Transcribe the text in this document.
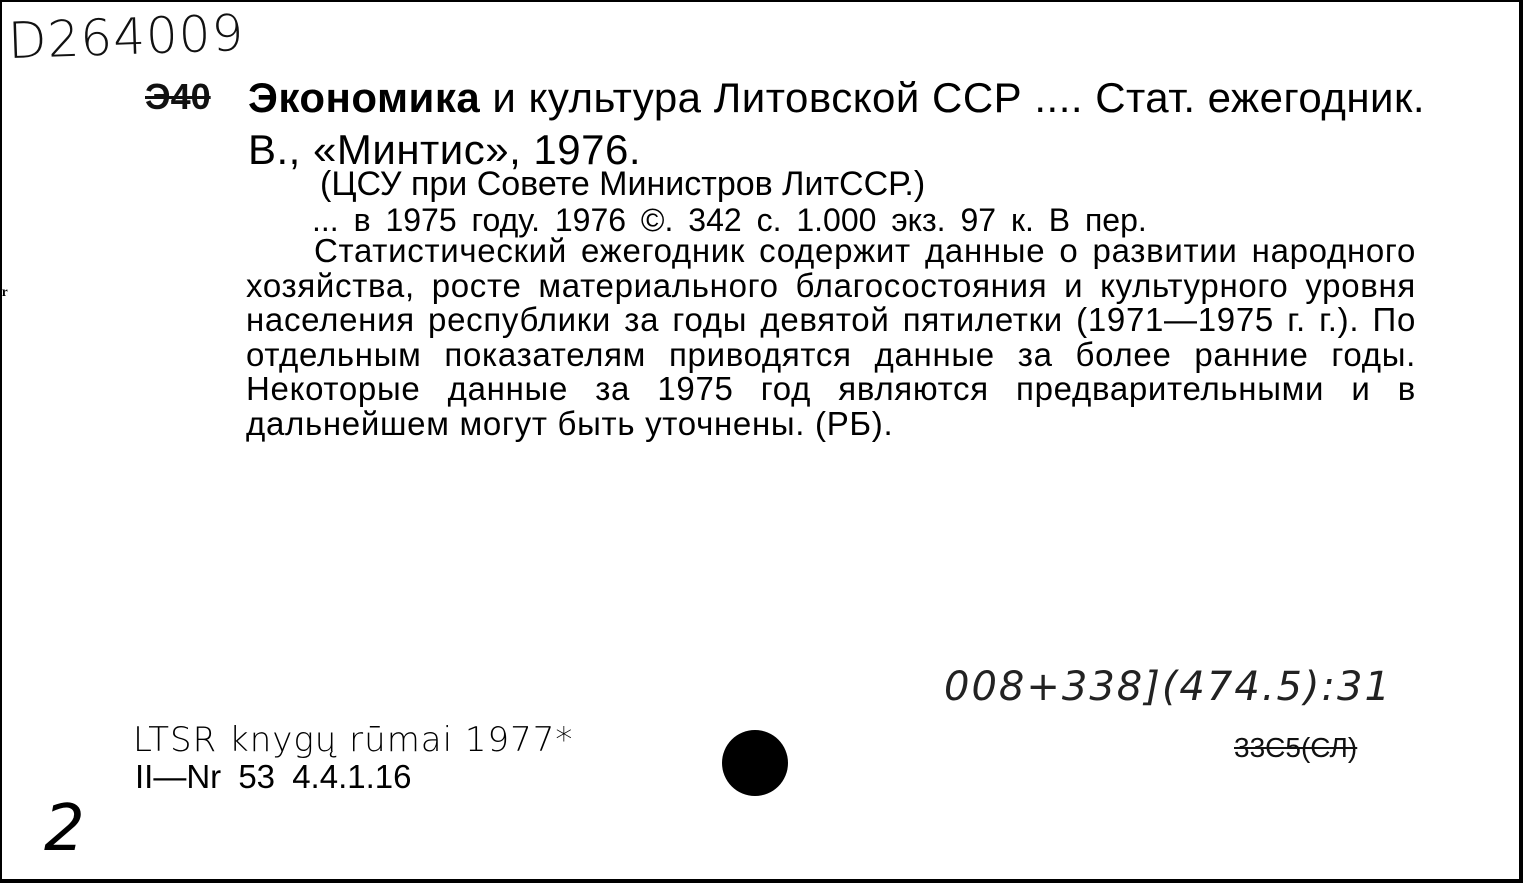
D264009
Э40 Экономика и культура Литовской ССР .... Стат. ежегодник. В., «Минтис», 1976.
(ЦСУ при Совете Министров ЛитССР.)
... в 1975 году. 1976 ©. 342 с. 1.000 экз. 97 к. В пер.
Статистический ежегодник содержит данные о развитии народного хозяйства, росте материального благосостояния и культурного уровня населения республики за годы девятой пятилетки (1971—1975 г. г.). По отдельным показателям приводятся данные за более ранние годы. Некоторые данные за 1975 год являются предварительными и в дальнейшем могут быть уточнены. (РБ).
008+338](474.5):31
33С5(СЛ)
LTSR knygų rūmai 1977*
II—Nr 53 4.4.1.16
2
ʳ
